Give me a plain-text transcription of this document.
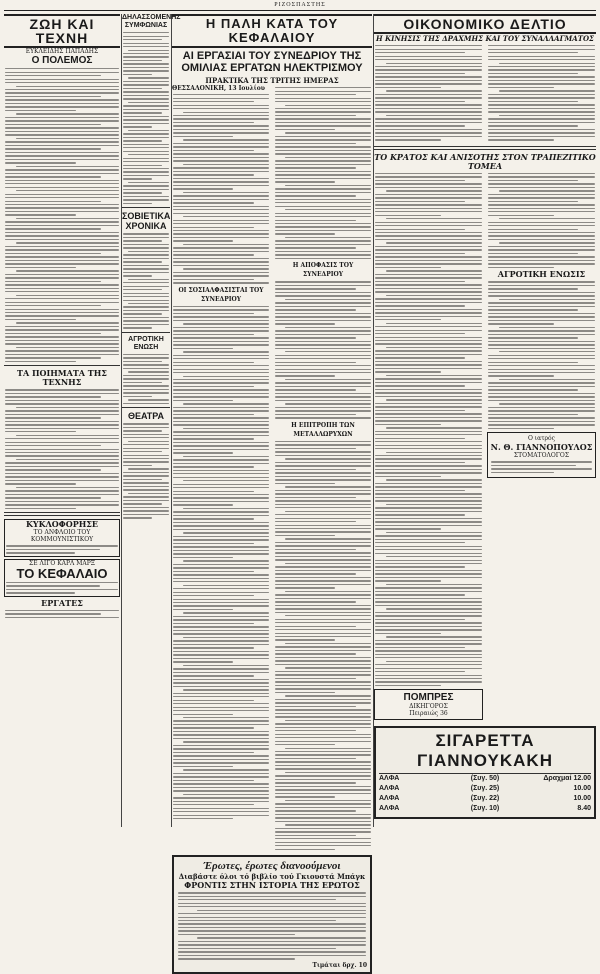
ΡΙΖΟΣΠΑΣΤΗΣ
ΖΩΗ ΚΑΙ ΤΕΧΝΗ
ΕΥΚΛΕΙΔΗΣ ΠΑΠΑΔΗΣ
Ο ΠΟΛΕΜΟΣ
ΤΑ ΠΟΙΗΜΑΤΑ ΤΗΣ ΤΕΧΝΗΣ
ΚΥΚΛΟΦΟΡΗΣΕ
ΤΟ ΑΝΦΛΟΙΟ ΤΟΥ ΚΟΜΜΟΥΝΙΣΤΙΚΟΥ
ΣΕ ΛΙΓΟ ΚΑΡΛ ΜΑΡΞ
ΤΟ ΚΕΦΑΛΑΙΟ
ΕΡΓΑΤΕΣ
ΔΗΛΑΣΣΟΜΕΝΗΣ ΣΥΜΦΩΝΙΑΣ
ΣΟΒΙΕΤΙΚΑ ΧΡΟΝΙΚΑ
ΑΓΡΟΤΙΚΗ ΕΝΩΣΗ
ΘΕΑΤΡΑ
Η ΠΑΛΗ ΚΑΤΑ ΤΟΥ ΚΕΦΑΛΑΙΟΥ
ΑΙ ΕΡΓΑΣΙΑΙ ΤΟΥ ΣΥΝΕΔΡΙΟΥ ΤΗΣ ΟΜΙΛΙΑΣ ΕΡΓΑΤΩΝ ΗΛΕΚΤΡΙΣΜΟΥ
ΠΡΑΚΤΙΚΑ ΤΗΣ ΤΡΙΤΗΣ ΗΜΕΡΑΣ
ΘΕΣΣΑΛΟΝΙΚΗ, 13 Ιουλίου
ΟΙ ΣΟΣΙΑΛΦΑΣΙΣΤΑΙ ΤΟΥ ΣΥΝΕΔΡΙΟΥ
Η ΑΠΟΦΑΣΙΣ ΤΟΥ ΣΥΝΕΔΡΙΟΥ
Η ΕΠΙΤΡΟΠΗ ΤΩΝ ΜΕΤΑΛΛΩΡΥΧΩΝ
Έρωτες, έρωτες διανοούμενοι
Διαβάστε όλοι τό βιβλίο τού Γκιουστά Μπάγκ
ΦΡΟΝΤΙΣ ΣΤΗΝ ΙΣΤΟΡΙΑ ΤΗΣ ΕΡΩΤΟΣ
Τιμάται δρχ. 10
ΟΙΚΟΝΟΜΙΚΟ ΔΕΛΤΙΟ
Η ΚΙΝΗΣΙΣ ΤΗΣ ΔΡΑΧΜΗΣ ΚΑΙ ΤΟΥ ΣΥΝΑΛΛΑΓΜΑΤΟΣ
ΤΟ ΚΡΑΤΟΣ ΚΑΙ ΑΝΙΣΟΤΗΣ ΣΤΟΝ ΤΡΑΠΕΖΙΤΙΚΟ ΤΟΜΕΑ
ΠΟΜΠΡΕΣ
ΔΙΚΗΓΟΡΟΣ
Πειραιώς 36
ΑΓΡΟΤΙΚΗ ΕΝΩΣΙΣ
Ο ιατρός
Ν. Θ. ΓΙΑΝΝΟΠΟΥΛΟΣ
ΣΤΟΜΑΤΟΛΟΓΟΣ
ΣΙΓΑΡΕΤΤΑ ΓΙΑΝΝΟΥΚΑΚΗ
ΑΛΦΑ	(Συγ. 50)	Δραχμαί 12.00
ΑΛΦΑ	(Συγ. 25)	10.00
ΑΛΦΑ	(Συγ. 22)	10.00
ΑΛΦΑ	(Συγ. 10)	8.40
